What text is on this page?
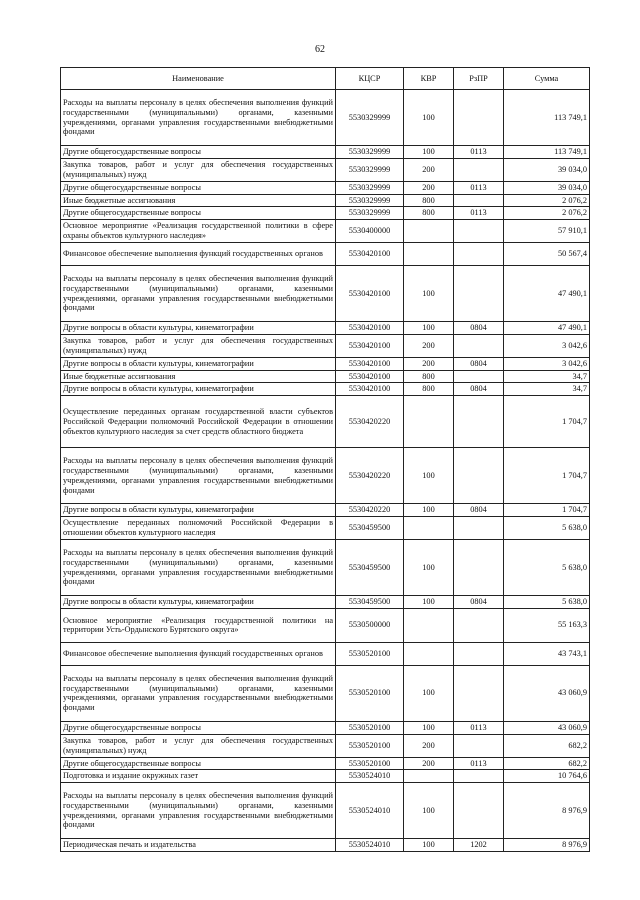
62
Наименование	КЦСР	КВР	РзПР	Сумма
Расходы на выплаты персоналу в целях обеспечения выполнения функций государственными (муниципальными) органами, казенными учреждениями, органами управления государственными внебюджетными фондами	5530329999	100		113 749,1
Другие общегосударственные вопросы	5530329999	100	0113	113 749,1
Закупка товаров, работ и услуг для обеспечения государственных (муниципальных) нужд	5530329999	200		39 034,0
Другие общегосударственные вопросы	5530329999	200	0113	39 034,0
Иные бюджетные ассигнования	5530329999	800		2 076,2
Другие общегосударственные вопросы	5530329999	800	0113	2 076,2
Основное мероприятие «Реализация государственной политики в сфере охраны объектов культурного наследия»	5530400000			57 910,1
Финансовое обеспечение выполнения функций государственных органов	5530420100			50 567,4
Расходы на выплаты персоналу в целях обеспечения выполнения функций государственными (муниципальными) органами, казенными учреждениями, органами управления государственными внебюджетными фондами	5530420100	100		47 490,1
Другие вопросы в области культуры, кинематографии	5530420100	100	0804	47 490,1
Закупка товаров, работ и услуг для обеспечения государственных (муниципальных) нужд	5530420100	200		3 042,6
Другие вопросы в области культуры, кинематографии	5530420100	200	0804	3 042,6
Иные бюджетные ассигнования	5530420100	800		34,7
Другие вопросы в области культуры, кинематографии	5530420100	800	0804	34,7
Осуществление переданных органам государственной власти субъектов Российской Федерации полномочий Российской Федерации в отношении объектов культурного наследия за счет средств областного бюджета	5530420220			1 704,7
Расходы на выплаты персоналу в целях обеспечения выполнения функций государственными (муниципальными) органами, казенными учреждениями, органами управления государственными внебюджетными фондами	5530420220	100		1 704,7
Другие вопросы в области культуры, кинематографии	5530420220	100	0804	1 704,7
Осуществление переданных полномочий Российской Федерации в отношении объектов культурного наследия	5530459500			5 638,0
Расходы на выплаты персоналу в целях обеспечения выполнения функций государственными (муниципальными) органами, казенными учреждениями, органами управления государственными внебюджетными фондами	5530459500	100		5 638,0
Другие вопросы в области культуры, кинематографии	5530459500	100	0804	5 638,0
Основное мероприятие «Реализация государственной политики на территории Усть-Ордынского Бурятского округа»	5530500000			55 163,3
Финансовое обеспечение выполнения функций государственных органов	5530520100			43 743,1
Расходы на выплаты персоналу в целях обеспечения выполнения функций государственными (муниципальными) органами, казенными учреждениями, органами управления государственными внебюджетными фондами	5530520100	100		43 060,9
Другие общегосударственные вопросы	5530520100	100	0113	43 060,9
Закупка товаров, работ и услуг для обеспечения государственных (муниципальных) нужд	5530520100	200		682,2
Другие общегосударственные вопросы	5530520100	200	0113	682,2
Подготовка и издание окружных газет	5530524010			10 764,6
Расходы на выплаты персоналу в целях обеспечения выполнения функций государственными (муниципальными) органами, казенными учреждениями, органами управления государственными внебюджетными фондами	5530524010	100		8 976,9
Периодическая печать и издательства	5530524010	100	1202	8 976,9
